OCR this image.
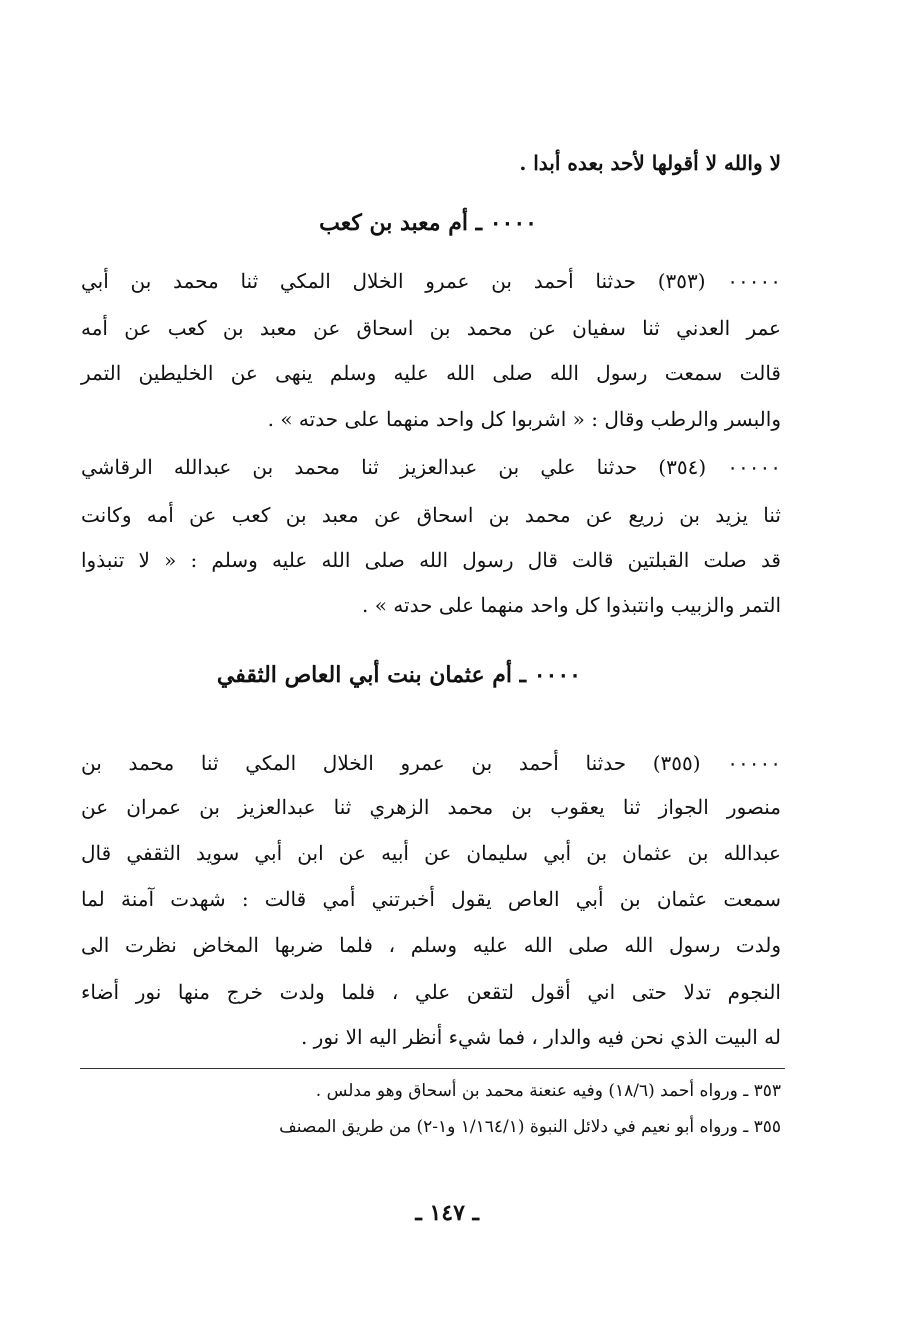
لا والله لا أقولها لأحد بعده أبدا .
٠٠٠٠ ـ أم معبد بن كعب
٠٠٠٠٠ (٣٥٣) حدثنا أحمد بن عمرو الخلال المكي ثنا محمد بن أبي
عمر العدني ثنا سفيان عن محمد بن اسحاق عن معبد بن كعب عن أمه
قالت سمعت رسول الله صلى الله عليه وسلم ينهى عن الخليطين التمر
والبسر والرطب وقال : « اشربوا كل واحد منهما على حدته » .
٠٠٠٠٠ (٣٥٤) حدثنا علي بن عبدالعزيز ثنا محمد بن عبدالله الرقاشي
ثنا يزيد بن زريع عن محمد بن اسحاق عن معبد بن كعب عن أمه وكانت
قد صلت القبلتين قالت قال رسول الله صلى الله عليه وسلم : « لا تنبذوا
التمر والزبيب وانتبذوا كل واحد منهما على حدته » .
٠٠٠٠ ـ أم عثمان بنت أبي العاص الثقفي
٠٠٠٠٠ (٣٥٥) حدثنا أحمد بن عمرو الخلال المكي ثنا محمد بن
منصور الجواز ثنا يعقوب بن محمد الزهري ثنا عبدالعزيز بن عمران عن
عبدالله بن عثمان بن أبي سليمان عن أبيه عن ابن أبي سويد الثقفي قال
سمعت عثمان بن أبي العاص يقول أخبرتني أمي قالت : شهدت آمنة لما
ولدت رسول الله صلى الله عليه وسلم ، فلما ضربها المخاض نظرت الى
النجوم تدلا حتى اني أقول لتقعن علي ، فلما ولدت خرج منها نور أضاء
له البيت الذي نحن فيه والدار ، فما شيء أنظر اليه الا نور .
٣٥٣ ـ ورواه أحمد (١٨/٦) وفيه عنعنة محمد بن أسحاق وهو مدلس .
٣٥٥ ـ ورواه أبو نعيم في دلائل النبوة (١/١٦٤/١ و١-٢) من طريق المصنف
ـ ١٤٧ ـ
